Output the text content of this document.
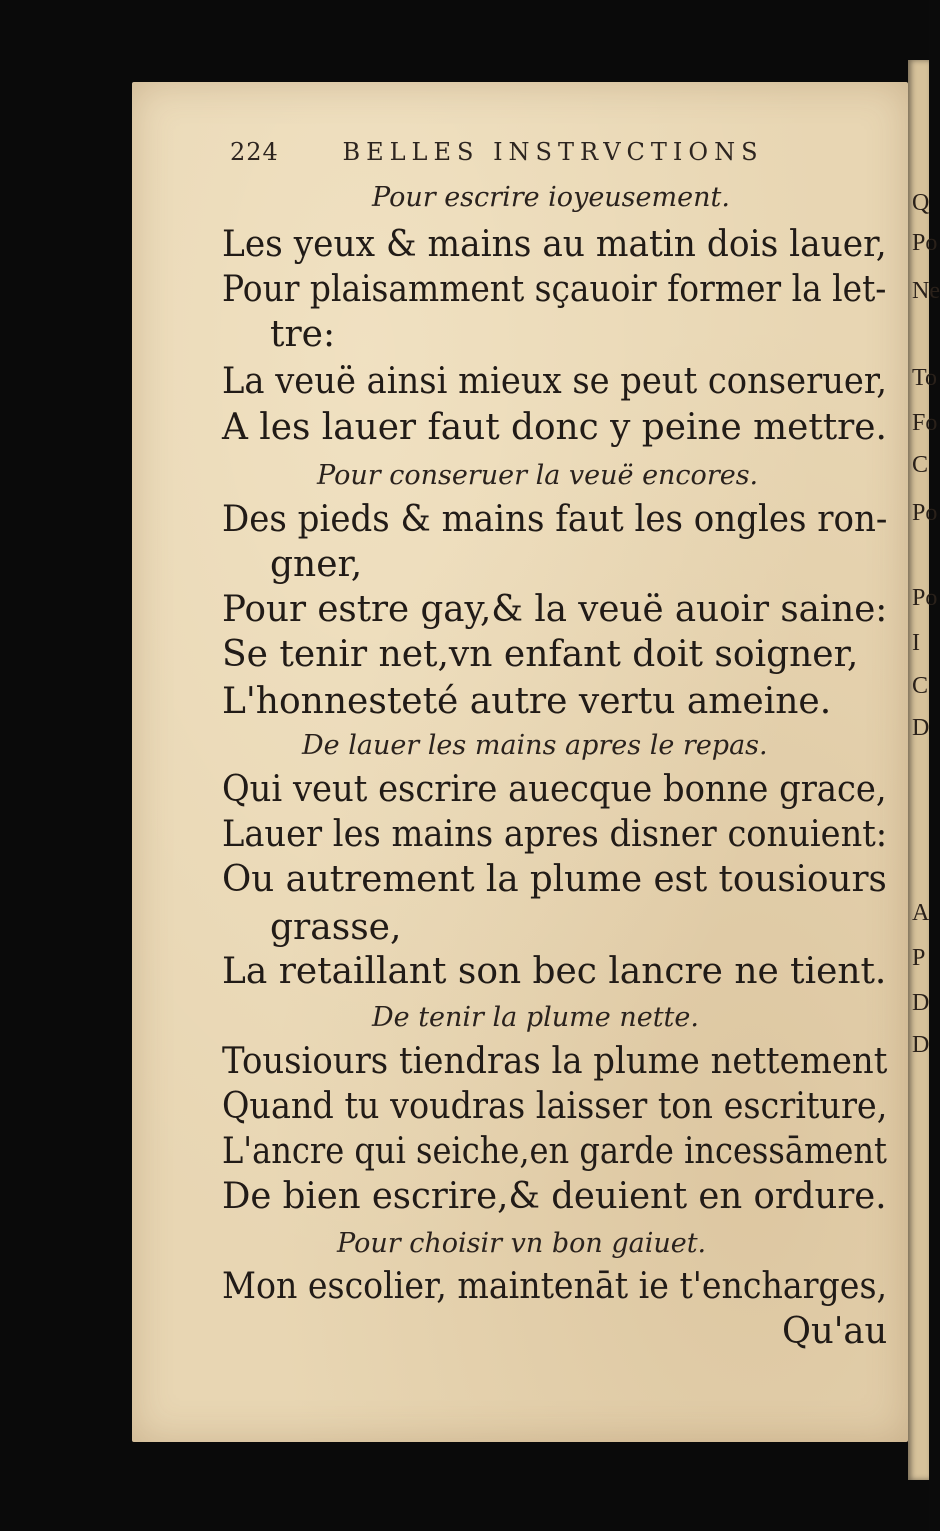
Q
Po
Ne
To
Fo
C
Po
Po
I
C
D
A
P
D
D
224	BELLES INSTRVCTIONS
Pour escrire ioyeusement.
Les yeux & mains au matin dois lauer,
Pour plaisamment sçauoir former la let-
tre:
La veuë ainsi mieux se peut conseruer,
A les lauer faut donc y peine mettre.
Pour conseruer la veuë encores.
Des pieds & mains faut les ongles ron-
gner,
Pour estre gay,& la veuë auoir saine:
Se tenir net,vn enfant doit soigner,
L'honnesteté autre vertu ameine.
De lauer les mains apres le repas.
Qui veut escrire auecque bonne grace,
Lauer les mains apres disner conuient:
Ou autrement la plume est tousiours
grasse,
La retaillant son bec lancre ne tient.
De tenir la plume nette.
Tousiours tiendras la plume nettement
Quand tu voudras laisser ton escriture,
L'ancre qui seiche,en garde incessāment
De bien escrire,& deuient en ordure.
Pour choisir vn bon gaiuet.
Mon escolier, maintenāt ie t'encharges,
Qu'au
